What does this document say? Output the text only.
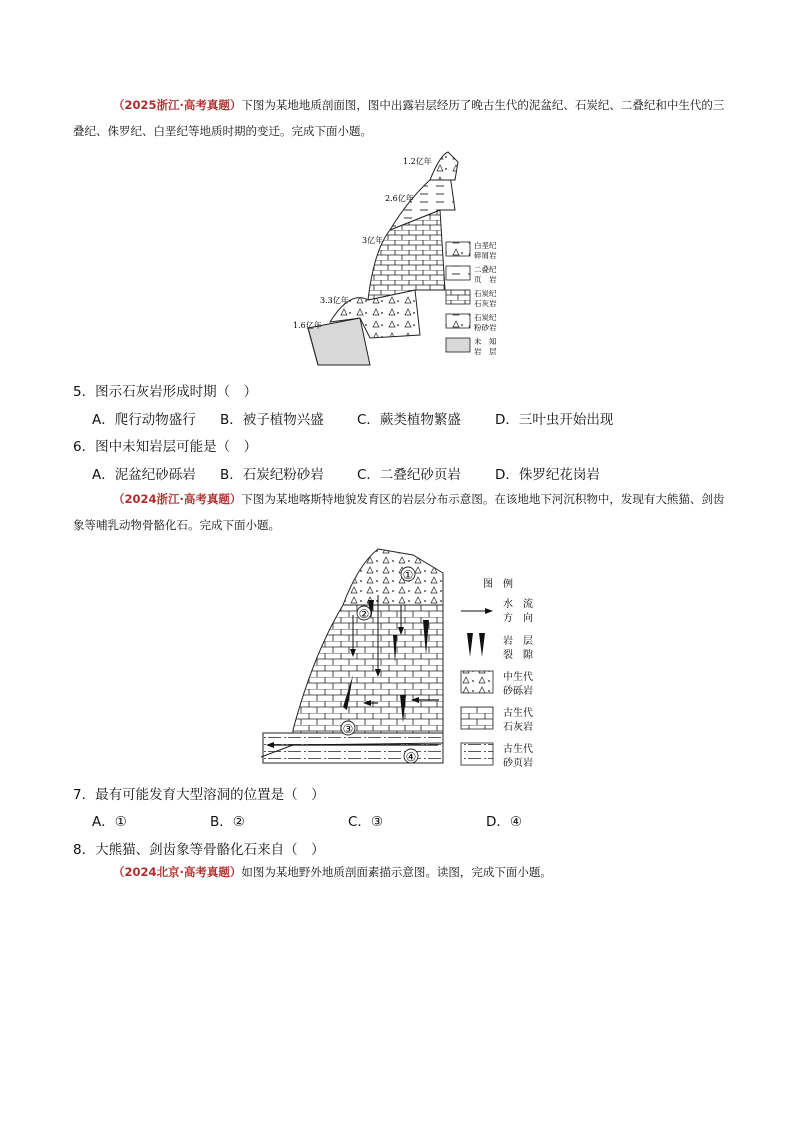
（2025浙江·高考真题）下图为某地地质剖面图，图中出露岩层经历了晚古生代的泥盆纪、石炭纪、二叠纪和中生代的三叠纪、侏罗纪、白垩纪等地质时期的变迁。完成下面小题。
1.2亿年
2.6亿年
3亿年
3.3亿年
1.6亿年
白垩纪
碎屑岩
二叠纪
页　岩
石炭纪
石灰岩
石炭纪
粉砂岩
未　知
岩　层
5．图示石灰岩形成时期（　）
A．爬行动物盛行 B．被子植物兴盛 C．蕨类植物繁盛	D．三叶虫开始出现
6．图中未知岩层可能是（　）
A．泥盆纪砂砾岩 B．石炭纪粉砂岩 C．二叠纪砂页岩	D．侏罗纪花岗岩
（2024浙江·高考真题）下图为某地喀斯特地貌发育区的岩层分布示意图。在该地地下河沉积物中，发现有大熊猫、剑齿象等哺乳动物骨骼化石。完成下面小题。
①
②
③
④
图　例
水　流
方　向
岩　层
裂　隙
中生代
砂砾岩
古生代
石灰岩
古生代
砂页岩
7．最有可能发育大型溶洞的位置是（　）
A．①	B．②	C．③	D．④
8．大熊猫、剑齿象等骨骼化石来自（　）
（2024北京·高考真题）如图为某地野外地质剖面素描示意图。读图，完成下面小题。
